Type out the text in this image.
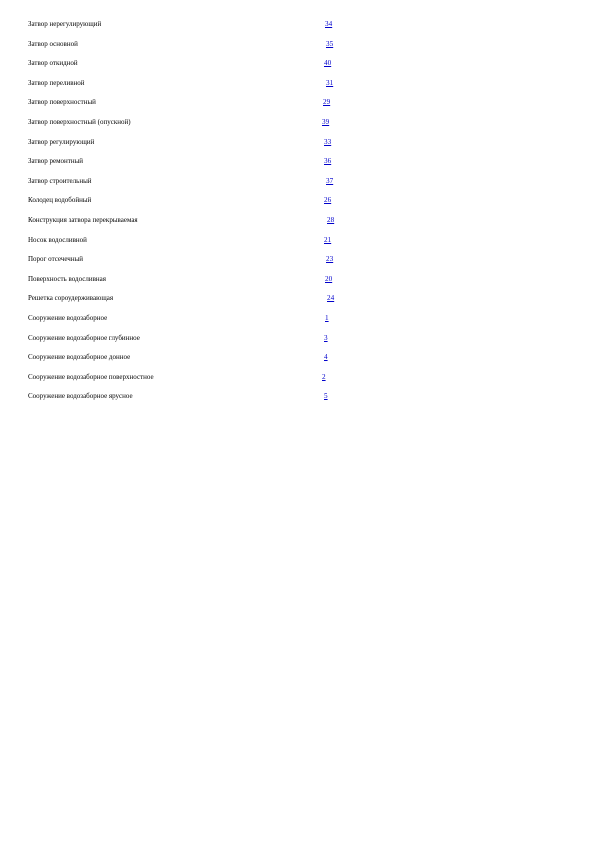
Затвор нерегулирующий	34
Затвор основной	35
Затвор откидной	40
Затвор переливной	31
Затвор поверхностный	29
Затвор поверхностный (опускной)	39
Затвор регулирующий	33
Затвор ремонтный	36
Затвор строительный	37
Колодец водобойный	26
Конструкция затвора перекрываемая	28
Носок водосливной	21
Порог отсечечный	23
Поверхность водосливная	20
Решетка сороудерживающая	24
Сооружение водозаборное	1
Сооружение водозаборное глубинное	3
Сооружение водозаборное донное	4
Сооружение водозаборное поверхностное	2
Сооружение водозаборное ярусное	5
